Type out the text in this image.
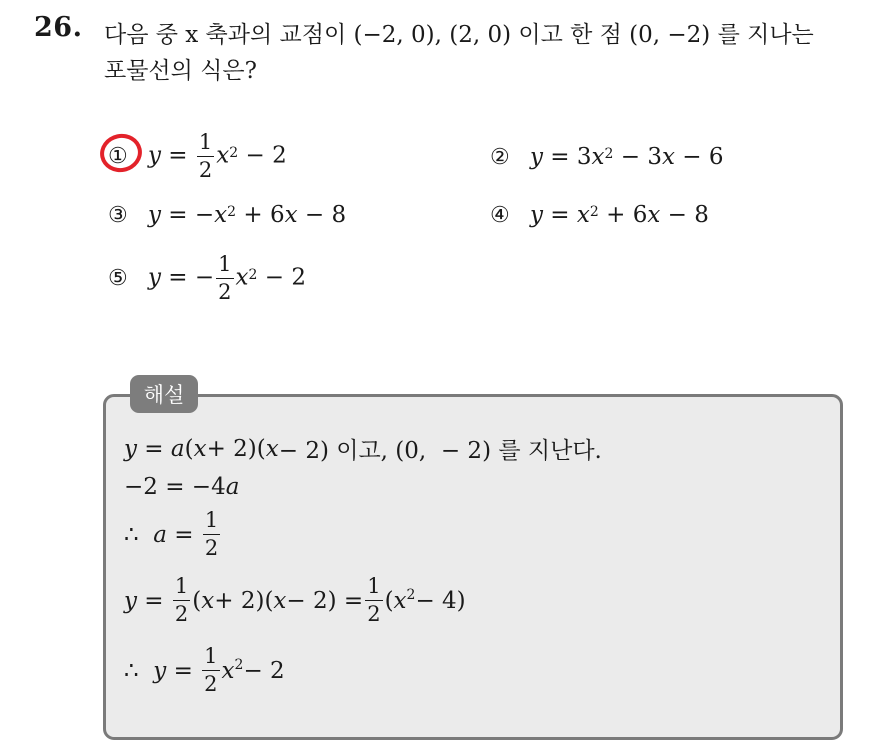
26. 다음 중 x 축과의 교점이 (−2, 0), (2, 0) 이고 한 점 (0, −2) 를 지나는
포물선의 식은?
① $y = \frac{1}{2} x^2 - 2$	② $y = 3x^2 - 3x - 6$
③ $y = -x^2 + 6x - 8$	④ $y = x^2 + 6x - 8$
⑤ y = − $\frac{1}{2} x^2 - 2$
해설
y = a ( x + 2)( x − 2) 이고, (0,  − 2) 를 지난다.
−2 = −4 a
∴ $a = \frac{1}{2}$
$y = \frac{1}{2}$ ( x + 2)( $x - 2) = \frac{1}{2}$ ( $x^2 - 4$)
∴ $y = \frac{1}{2} x^2 - 2$
